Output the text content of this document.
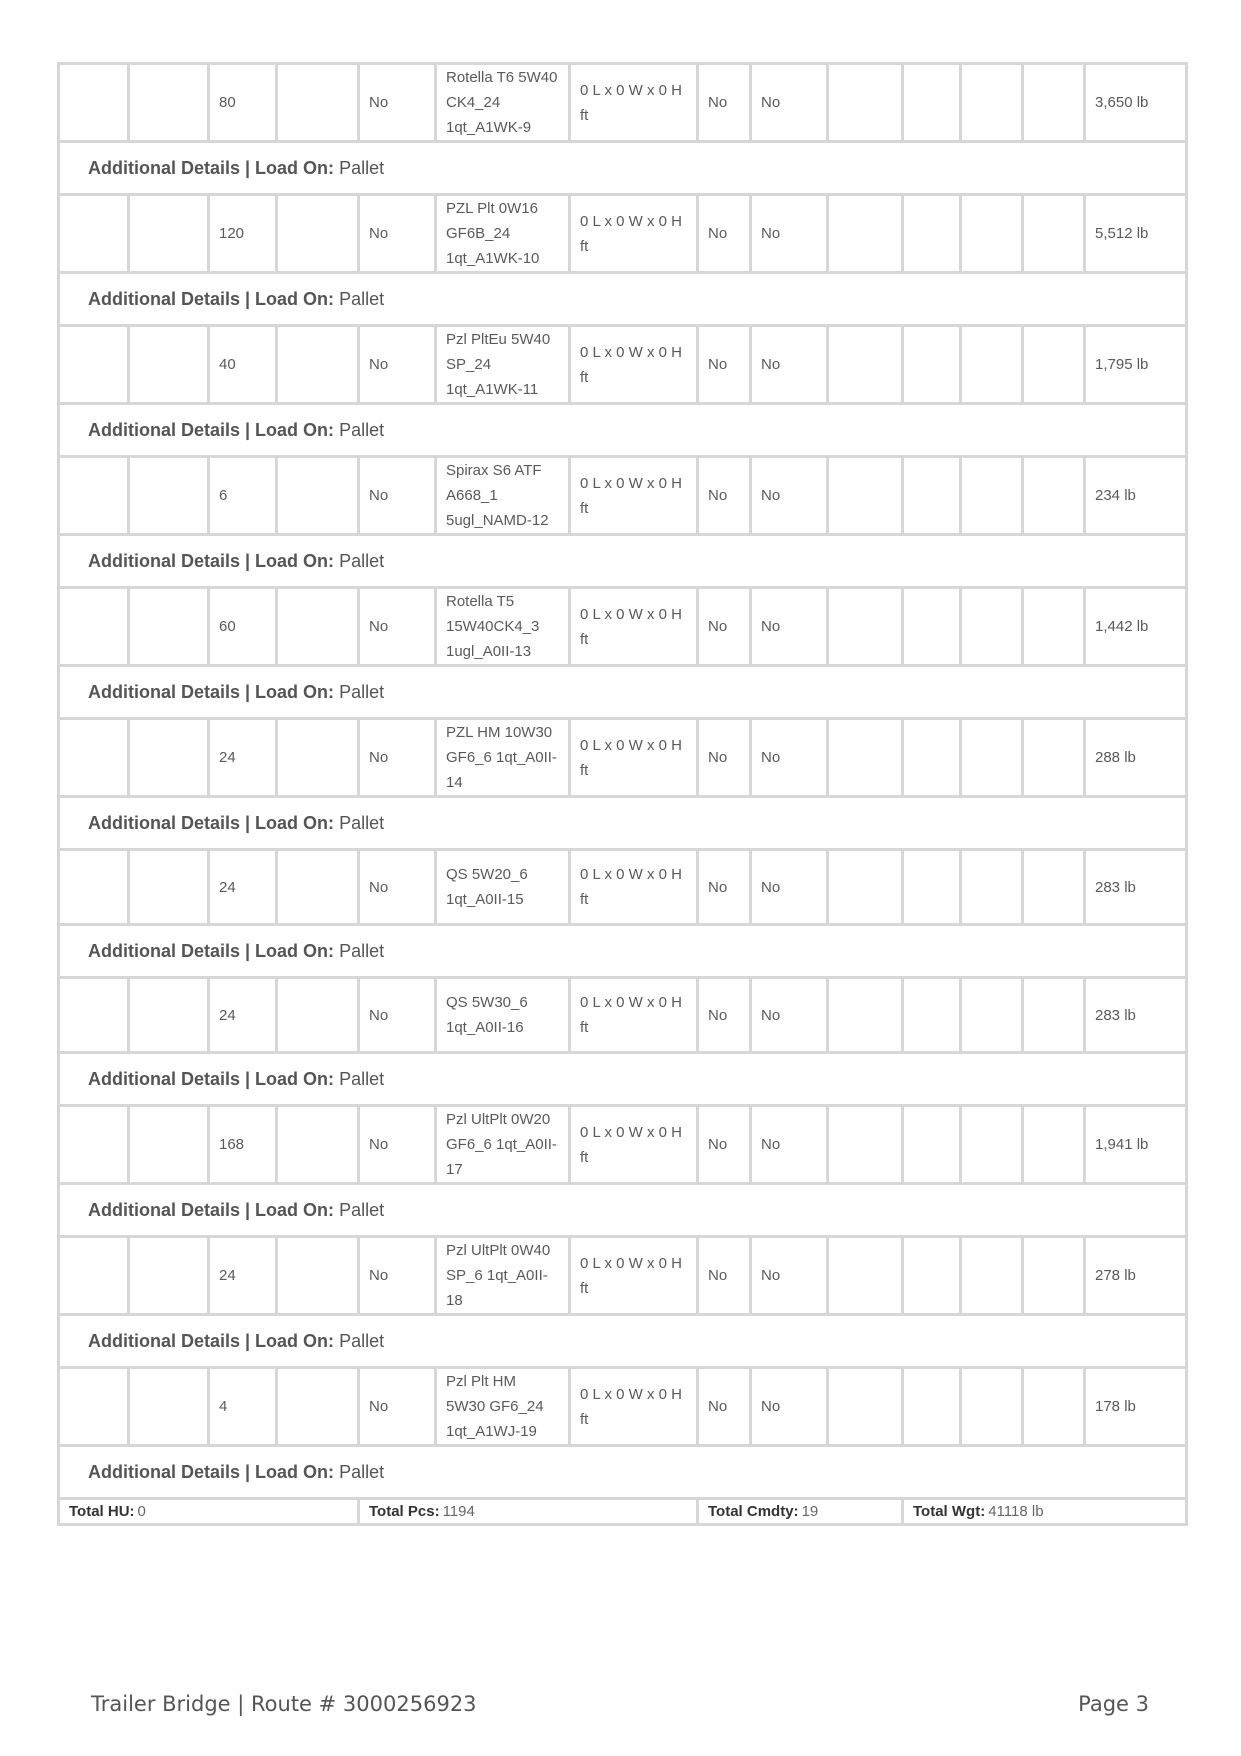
		80		No	Rotella T6 5W40 CK4_24 1qt_A1WK-9	0 L x 0 W x 0 H ft	No	No					3,650 lb
Additional Details | Load On: Pallet													
		120		No	PZL Plt 0W16 GF6B_24 1qt_A1WK-10	0 L x 0 W x 0 H ft	No	No					5,512 lb
Additional Details | Load On: Pallet													
		40		No	Pzl PltEu 5W40 SP_24 1qt_A1WK-11	0 L x 0 W x 0 H ft	No	No					1,795 lb
Additional Details | Load On: Pallet													
		6		No	Spirax S6 ATF A668_1 5ugl_NAMD-12	0 L x 0 W x 0 H ft	No	No					234 lb
Additional Details | Load On: Pallet													
		60		No	Rotella T5 15W40CK4_3 1ugl_A0II-13	0 L x 0 W x 0 H ft	No	No					1,442 lb
Additional Details | Load On: Pallet													
		24		No	PZL HM 10W30 GF6_6 1qt_A0II-14	0 L x 0 W x 0 H ft	No	No					288 lb
Additional Details | Load On: Pallet													
		24		No	QS 5W20_6 1qt_A0II-15	0 L x 0 W x 0 H ft	No	No					283 lb
Additional Details | Load On: Pallet													
		24		No	QS 5W30_6 1qt_A0II-16	0 L x 0 W x 0 H ft	No	No					283 lb
Additional Details | Load On: Pallet													
		168		No	Pzl UltPlt 0W20 GF6_6 1qt_A0II-17	0 L x 0 W x 0 H ft	No	No					1,941 lb
Additional Details | Load On: Pallet													
		24		No	Pzl UltPlt 0W40 SP_6 1qt_A0II-18	0 L x 0 W x 0 H ft	No	No					278 lb
Additional Details | Load On: Pallet													
		4		No	Pzl Plt HM 5W30 GF6_24 1qt_A1WJ-19	0 L x 0 W x 0 H ft	No	No					178 lb
Additional Details | Load On: Pallet													
Total HU: 0				Total Pcs: 1194			Total Cmdty: 19			Total Wgt: 41118 lb			
Trailer Bridge | Route # 3000256923	Page 3
